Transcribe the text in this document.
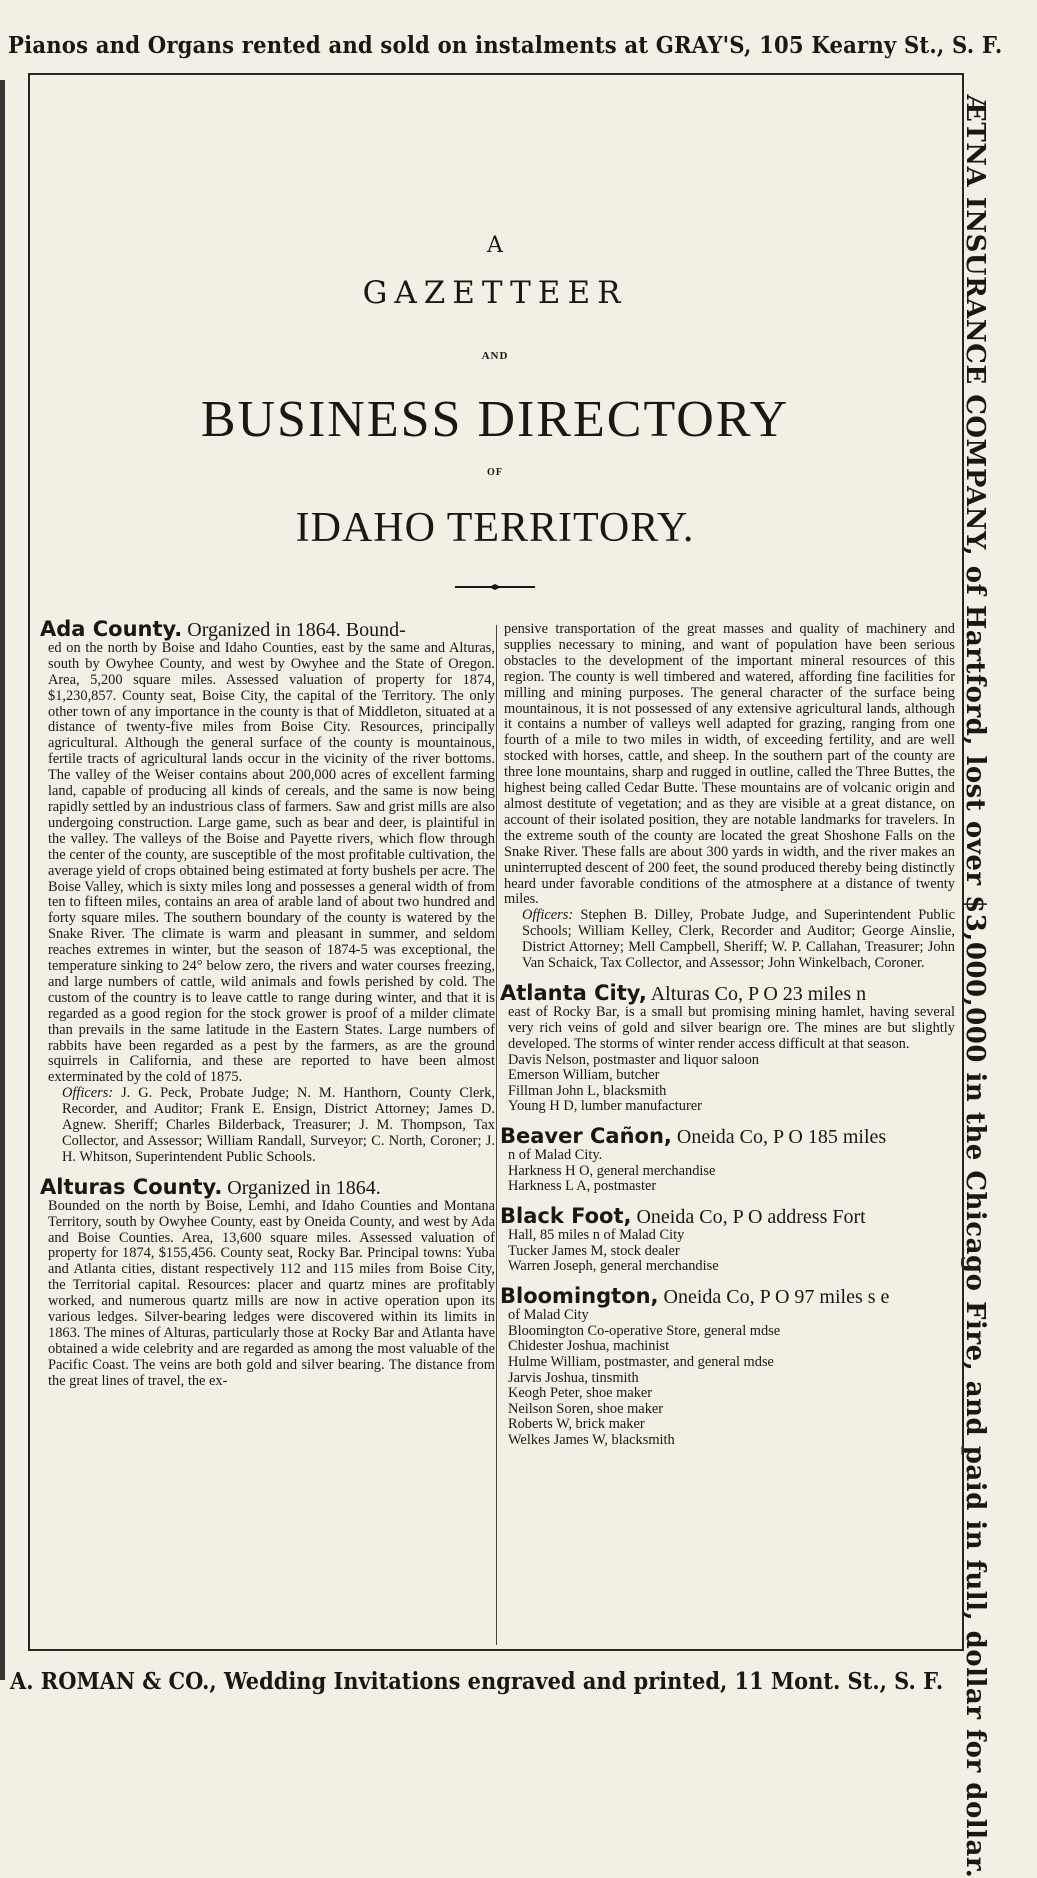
Pianos and Organs rented and sold on instalments at GRAY'S, 105 Kearny St., S. F.
ÆTNA INSURANCE COMPANY, of Hartford, lost over $3,000,000 in the Chicago Fire, and paid in full, dollar for dollar.
A. ROMAN & CO., Wedding Invitations engraved and printed, 11 Mont. St., S. F.
A
GAZETTEER
AND
BUSINESS DIRECTORY
OF
IDAHO TERRITORY.

Ada County. Organized in 1864. Bound-

ed on the north by Boise and Idaho Counties, east by the same and Alturas, south by Owyhee County, and west by Owyhee and the State of Oregon. Area, 5,200 square miles. Assessed valuation of property for 1874, $1,230,857. County seat, Boise City, the capital of the Territory. The only other town of any importance in the county is that of Middleton, situated at a distance of twenty-five miles from Boise City. Resources, principally agricultural. Although the general surface of the county is mountainous, fertile tracts of agricultural lands occur in the vicinity of the river bottoms. The valley of the Weiser contains about 200,000 acres of excellent farming land, capable of producing all kinds of cereals, and the same is now being rapidly settled by an industrious class of farmers. Saw and grist mills are also undergoing construction. Large game, such as bear and deer, is plaintiful in the valley. The valleys of the Boise and Payette rivers, which flow through the center of the county, are susceptible of the most profitable cultivation, the average yield of crops obtained being estimated at forty bushels per acre. The Boise Valley, which is sixty miles long and possesses a general width of from ten to fifteen miles, contains an area of arable land of about two hundred and forty square miles. The southern boundary of the county is watered by the Snake River. The climate is warm and pleasant in summer, and seldom reaches extremes in winter, but the season of 1874-5 was exceptional, the temperature sinking to 24° below zero, the rivers and water courses freezing, and large numbers of cattle, wild animals and fowls perished by cold. The custom of the country is to leave cattle to range during winter, and that it is regarded as a good region for the stock grower is proof of a milder climate than prevails in the same latitude in the Eastern States. Large numbers of rabbits have been regarded as a pest by the farmers, as are the ground squirrels in California, and these are reported to have been almost exterminated by the cold of 1875.

Officers: J. G. Peck, Probate Judge; N. M. Hanthorn, County Clerk, Recorder, and Auditor; Frank E. Ensign, District Attorney; James D. Agnew. Sheriff; Charles Bilderback, Treasurer; J. M. Thompson, Tax Collector, and Assessor; William Randall, Surveyor; C. North, Coroner; J. H. Whitson, Superintendent Public Schools.

Alturas County. Organized in 1864.

Bounded on the north by Boise, Lemhi, and Idaho Counties and Montana Territory, south by Owyhee County, east by Oneida County, and west by Ada and Boise Counties. Area, 13,600 square miles. Assessed valuation of property for 1874, $155,456. County seat, Rocky Bar. Principal towns: Yuba and Atlanta cities, distant respectively 112 and 115 miles from Boise City, the Territorial capital. Resources: placer and quartz mines are profitably worked, and numerous quartz mills are now in active operation upon its various ledges. Silver-bearing ledges were discovered within its limits in 1863. The mines of Alturas, particularly those at Rocky Bar and Atlanta have obtained a wide celebrity and are regarded as among the most valuable of the Pacific Coast. The veins are both gold and silver bearing. The distance from the great lines of travel, the ex-

pensive transportation of the great masses and quality of machinery and supplies necessary to mining, and want of population have been serious obstacles to the development of the important mineral resources of this region. The county is well timbered and watered, affording fine facilities for milling and mining purposes. The general character of the surface being mountainous, it is not possessed of any extensive agricultural lands, although it contains a number of valleys well adapted for grazing, ranging from one fourth of a mile to two miles in width, of exceeding fertility, and are well stocked with horses, cattle, and sheep. In the southern part of the county are three lone mountains, sharp and rugged in outline, called the Three Buttes, the highest being called Cedar Butte. These mountains are of volcanic origin and almost destitute of vegetation; and as they are visible at a great distance, on account of their isolated position, they are notable landmarks for travelers. In the extreme south of the county are located the great Shoshone Falls on the Snake River. These falls are about 300 yards in width, and the river makes an uninterrupted descent of 200 feet, the sound produced thereby being distinctly heard under favorable conditions of the atmosphere at a distance of twenty miles.

Officers: Stephen B. Dilley, Probate Judge, and Superintendent Public Schools; William Kelley, Clerk, Recorder and Auditor; George Ainslie, District Attorney; Mell Campbell, Sheriff; W. P. Callahan, Treasurer; John Van Schaick, Tax Collector, and Assessor; John Winkelbach, Coroner.

Atlanta City, Alturas Co, P O 23 miles n

east of Rocky Bar, is a small but promising mining hamlet, having several very rich veins of gold and silver bearign ore. The mines are but slightly developed. The storms of winter render access difficult at that season.

Davis Nelson, postmaster and liquor saloon
Emerson William, butcher
Fillman John L, blacksmith
Young H D, lumber manufacturer

Beaver Cañon, Oneida Co, P O 185 miles

n of Malad City.

Harkness H O, general merchandise
Harkness L A, postmaster

Black Foot, Oneida Co, P O address Fort

Hall, 85 miles n of Malad City

Tucker James M, stock dealer
Warren Joseph, general merchandise

Bloomington, Oneida Co, P O 97 miles s e

of Malad City

Bloomington Co-operative Store, general mdse
Chidester Joshua, machinist
Hulme William, postmaster, and general mdse
Jarvis Joshua, tinsmith
Keogh Peter, shoe maker
Neilson Soren, shoe maker
Roberts W, brick maker
Welkes James W, blacksmith
